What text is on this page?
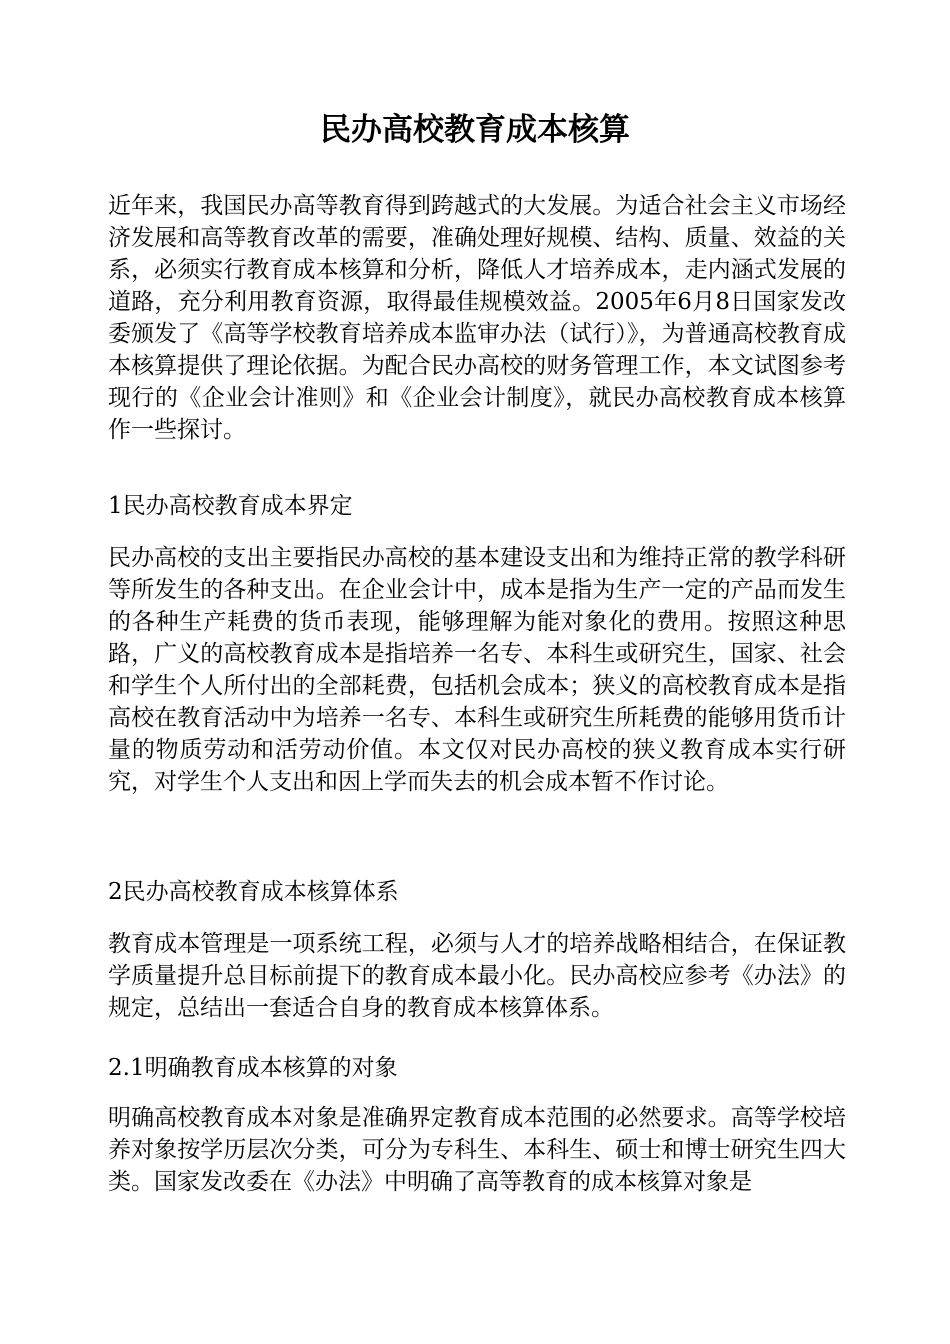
民办高校教育成本核算

近年来，我国民办高等教育得到跨越式的大发展。为适合社会主义市场经济发展和高等教育改革的需要，准确处理好规模、结构、质量、效益的关系，必须实行教育成本核算和分析，降低人才培养成本，走内涵式发展的道路，充分利用教育资源，取得最佳规模效益。2005年6月8日国家发改委颁发了《高等学校教育培养成本监审办法（试行）》，为普通高校教育成本核算提供了理论依据。为配合民办高校的财务管理工作，本文试图参考现行的《企业会计准则》和《企业会计制度》，就民办高校教育成本核算作一些探讨。

1民办高校教育成本界定

民办高校的支出主要指民办高校的基本建设支出和为维持正常的教学科研等所发生的各种支出。在企业会计中，成本是指为生产一定的产品而发生的各种生产耗费的货币表现，能够理解为能对象化的费用。按照这种思路，广义的高校教育成本是指培养一名专、本科生或研究生，国家、社会和学生个人所付出的全部耗费，包括机会成本；狭义的高校教育成本是指高校在教育活动中为培养一名专、本科生或研究生所耗费的能够用货币计量的物质劳动和活劳动价值。本文仅对民办高校的狭义教育成本实行研究，对学生个人支出和因上学而失去的机会成本暂不作讨论。

2民办高校教育成本核算体系

教育成本管理是一项系统工程，必须与人才的培养战略相结合，在保证教学质量提升总目标前提下的教育成本最小化。民办高校应参考《办法》的规定，总结出一套适合自身的教育成本核算体系。

2.1明确教育成本核算的对象

明确高校教育成本对象是准确界定教育成本范围的必然要求。高等学校培养对象按学历层次分类，可分为专科生、本科生、硕士和博士研究生四大类。国家发改委在《办法》中明确了高等教育的成本核算对象是
